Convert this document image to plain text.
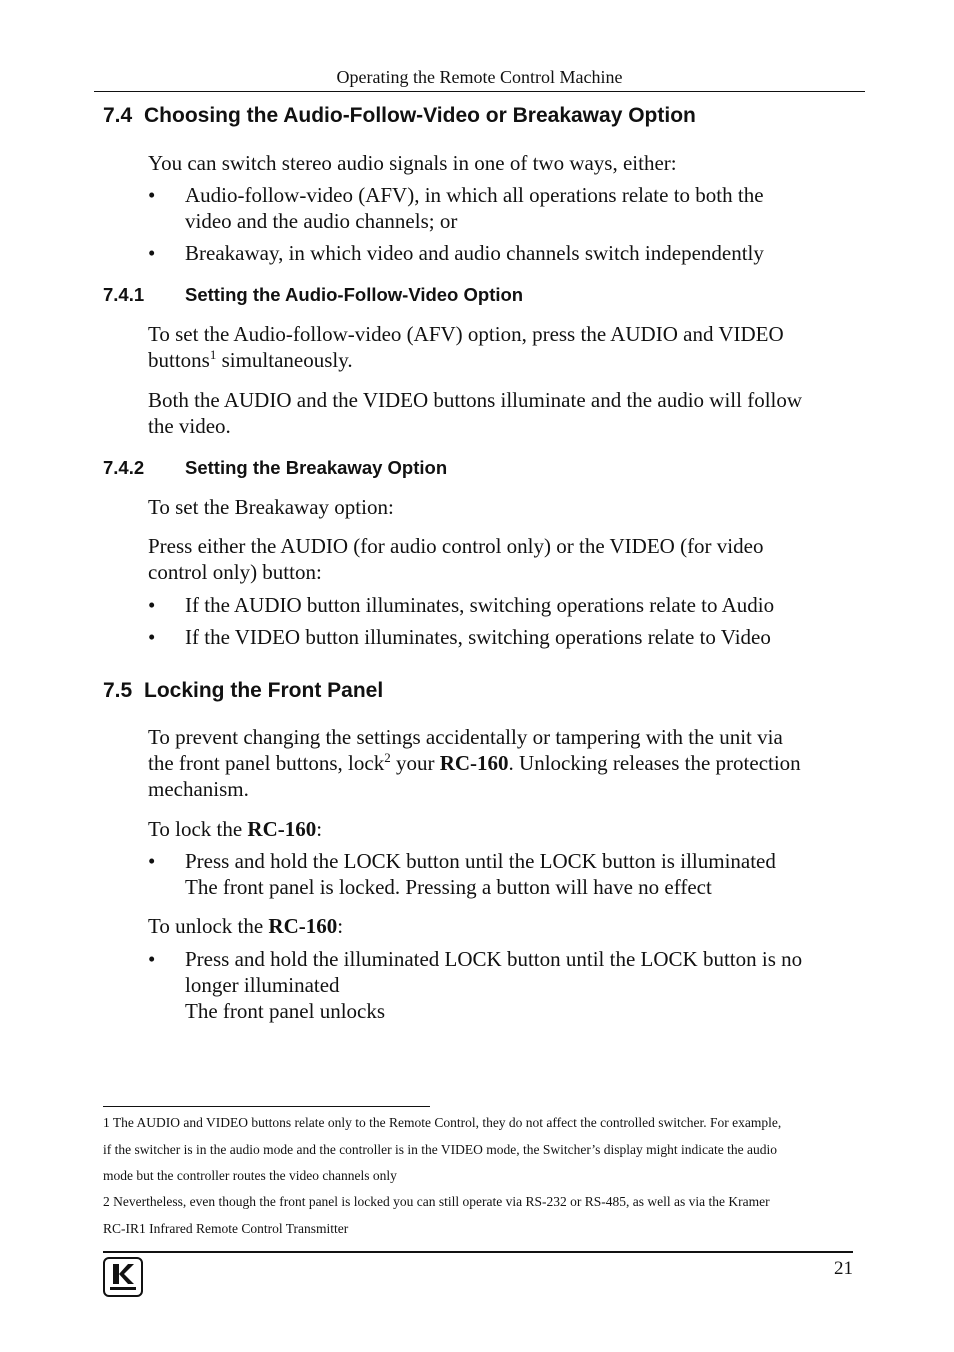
Operating the Remote Control Machine
7.4 Choosing the Audio-Follow-Video or Breakaway Option
You can switch stereo audio signals in one of two ways, either:
•	Audio-follow-video (AFV), in which all operations relate to both the
video and the audio channels; or
•	Breakaway, in which video and audio channels switch independently
7.4.1 Setting the Audio-Follow-Video Option
To set the Audio-follow-video (AFV) option, press the AUDIO and VIDEO
buttons$^1$ simultaneously.
Both the AUDIO and the VIDEO buttons illuminate and the audio will follow
the video.
7.4.2 Setting the Breakaway Option
To set the Breakaway option:
Press either the AUDIO (for audio control only) or the VIDEO (for video
control only) button:
•	If the AUDIO button illuminates, switching operations relate to Audio
•	If the VIDEO button illuminates, switching operations relate to Video
7.5 Locking the Front Panel
To prevent changing the settings accidentally or tampering with the unit via
the front panel buttons, lock$^2$ your RC-160. Unlocking releases the protection
mechanism.
To lock the RC-160:
•	Press and hold the LOCK button until the LOCK button is illuminated
The front panel is locked. Pressing a button will have no effect
To unlock the RC-160:
•	Press and hold the illuminated LOCK button until the LOCK button is no
longer illuminated
The front panel unlocks
1 The AUDIO and VIDEO buttons relate only to the Remote Control, they do not affect the controlled switcher. For example,
if the switcher is in the audio mode and the controller is in the VIDEO mode, the Switcher’s display might indicate the audio
mode but the controller routes the video channels only
2 Nevertheless, even though the front panel is locked you can still operate via RS-232 or RS-485, as well as via the Kramer
RC-IR1 Infrared Remote Control Transmitter
21
